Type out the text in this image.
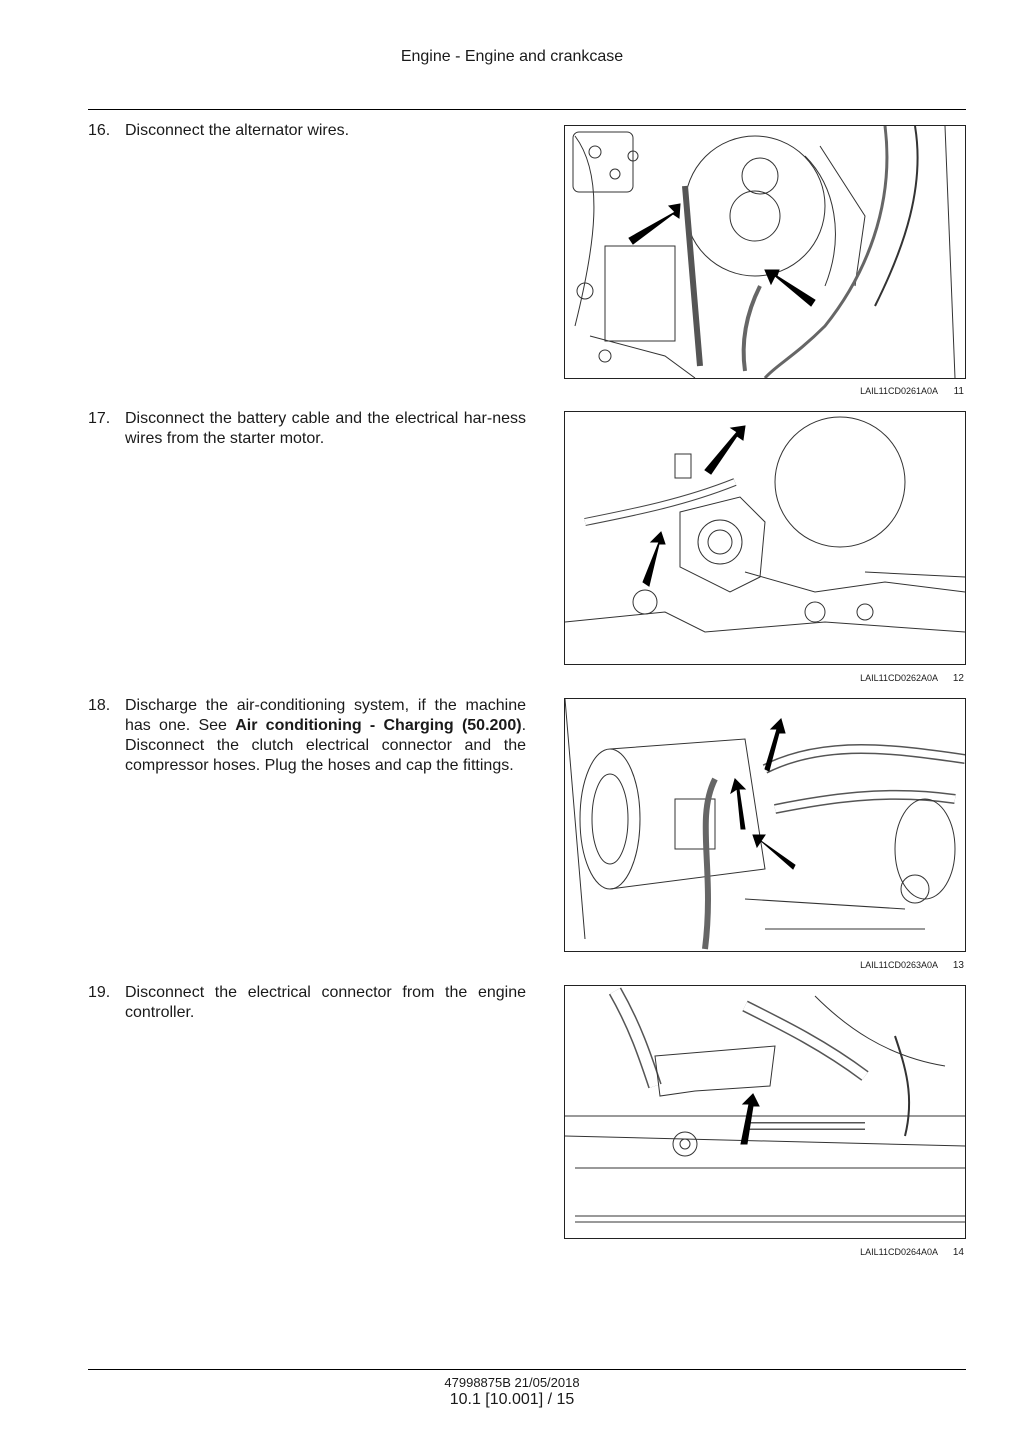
Engine - Engine and crankcase
16. Disconnect the alternator wires.
LAIL11CD0261A0A 11
17. Disconnect the battery cable and the electrical har-ness wires from the starter motor.
LAIL11CD0262A0A 12
18. Discharge the air-conditioning system, if the machine has one. See Air conditioning - Charging (50.200). Disconnect the clutch electrical connector and the compressor hoses. Plug the hoses and cap the fittings.
LAIL11CD0263A0A 13
19. Disconnect the electrical connector from the engine controller.
LAIL11CD0264A0A 14
47998875B 21/05/2018
10.1 [10.001] / 15
